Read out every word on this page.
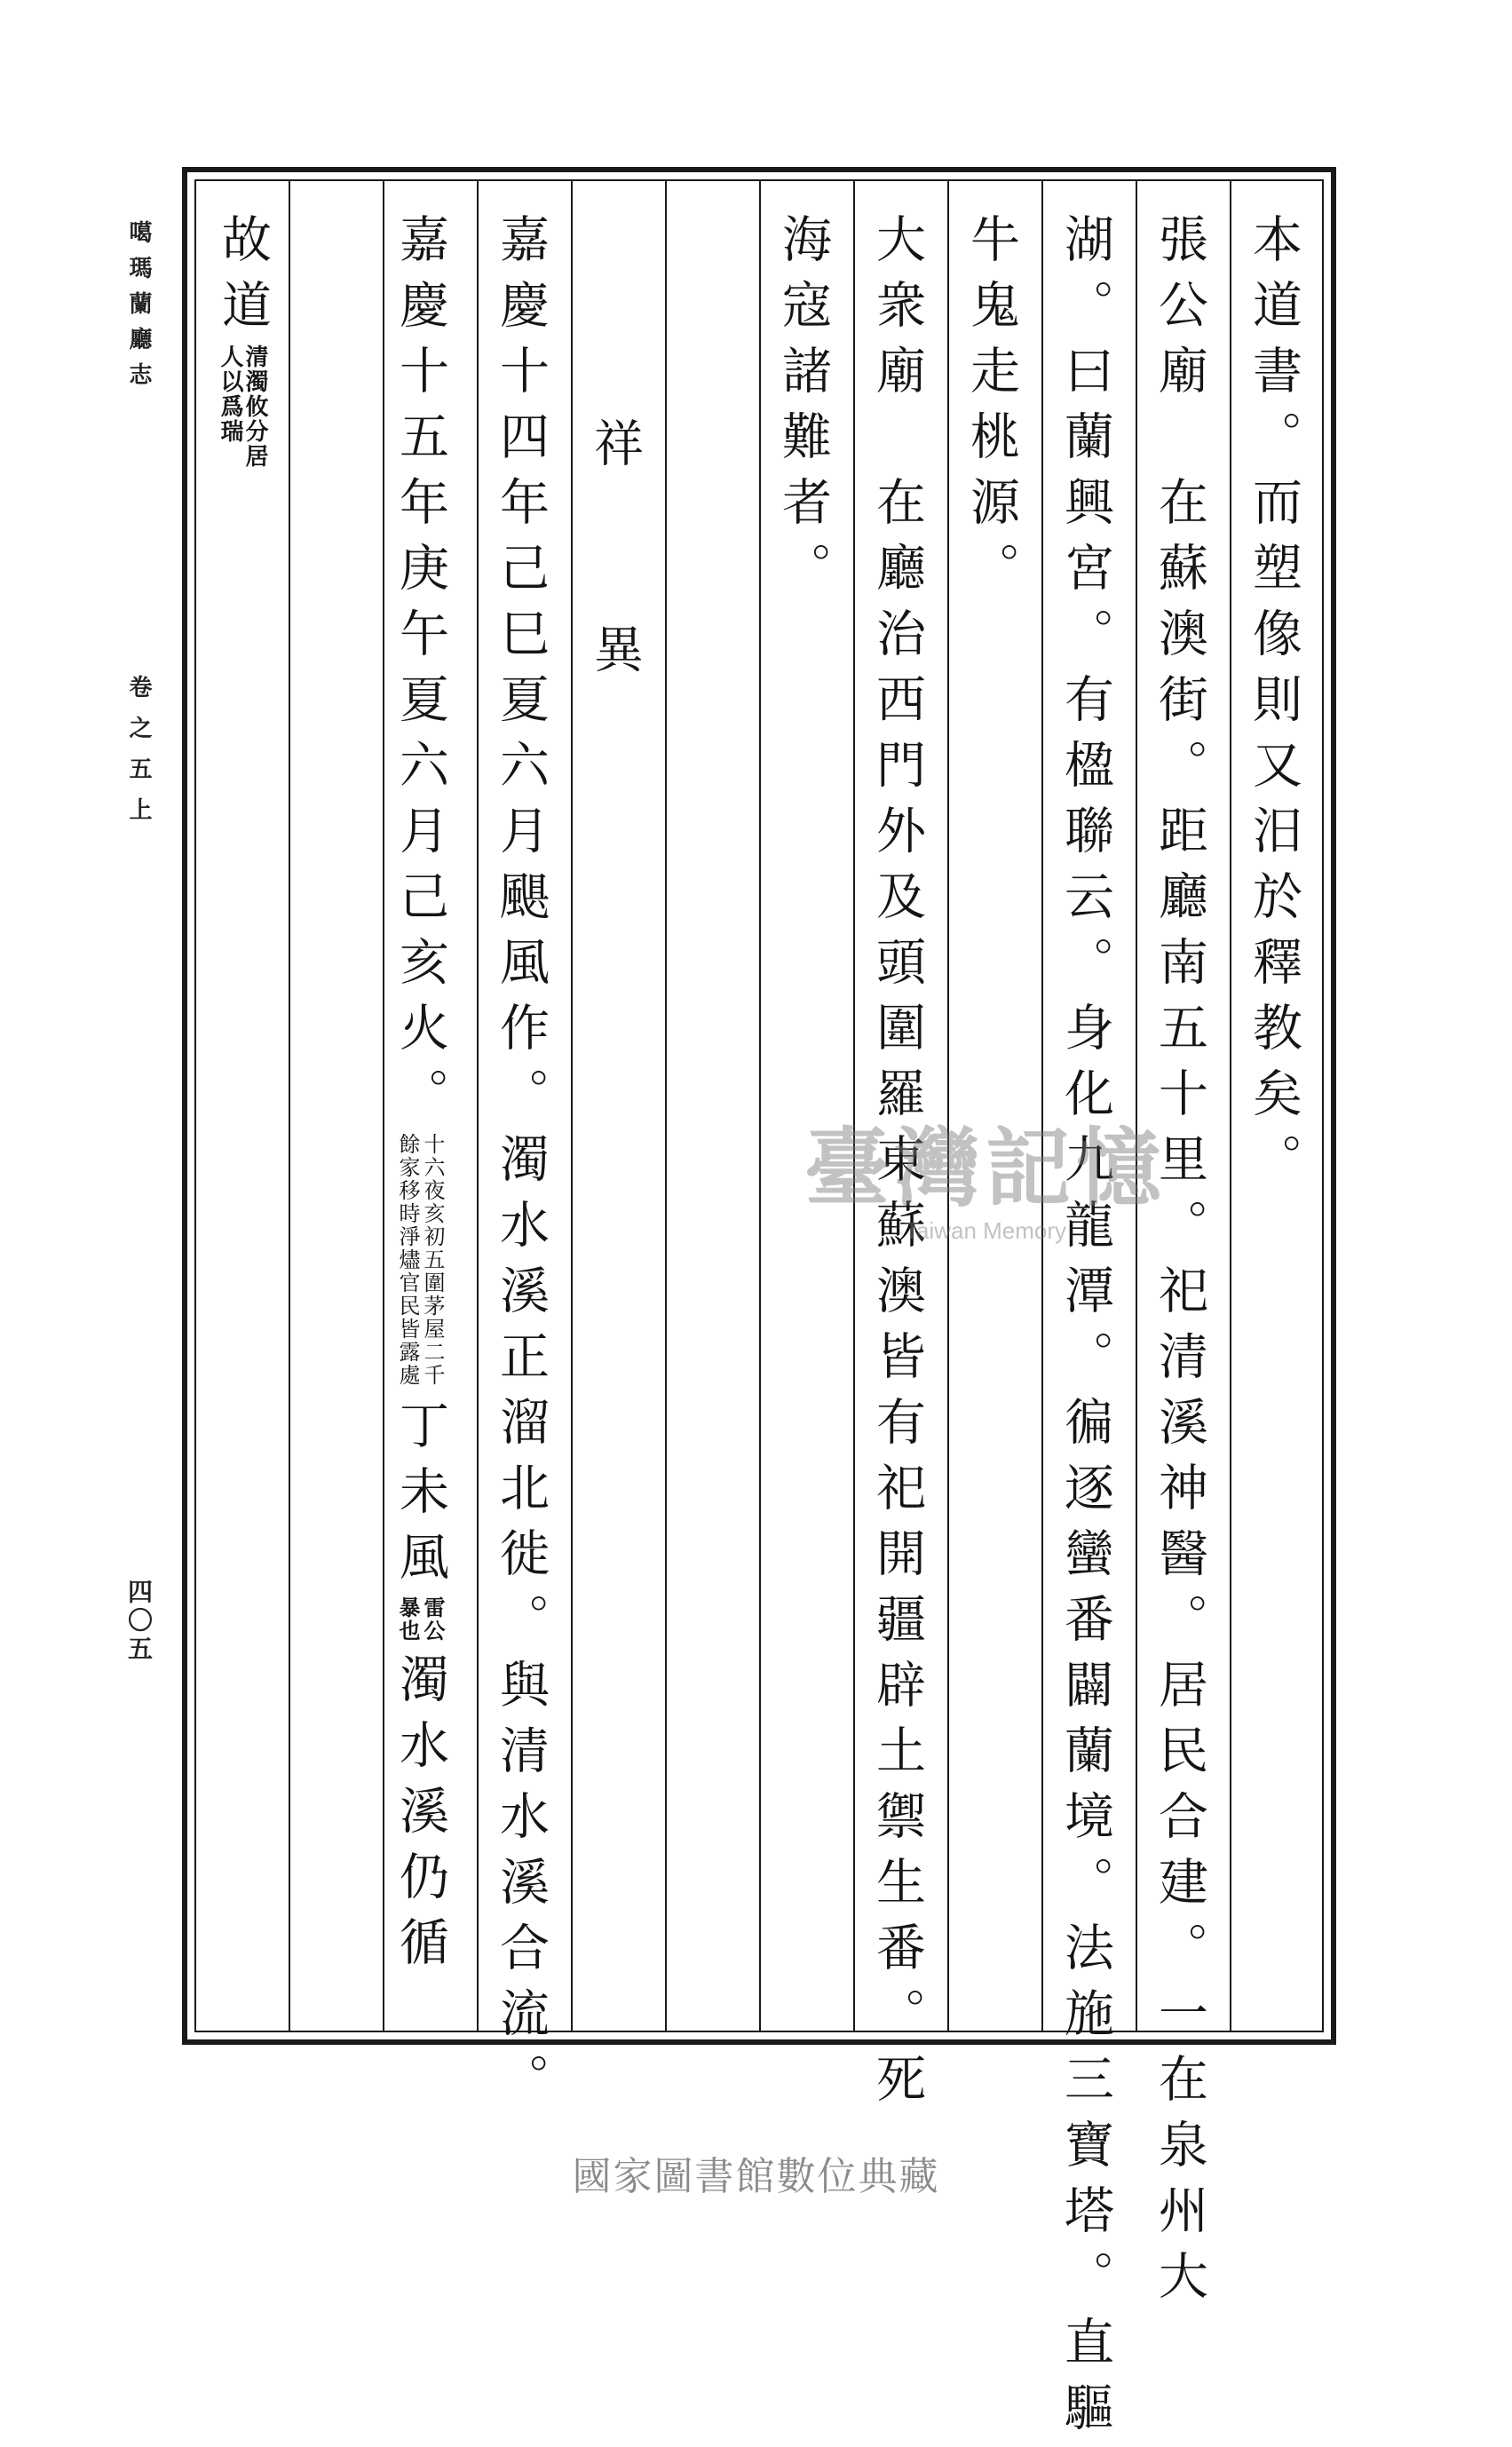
本道書。而塑像則又汨於釋教矣。
張公廟　在蘇澳街。距廳南五十里。祀清溪神醫。居民合建。一在泉州大
湖。曰蘭興宮。有楹聯云。身化九龍潭。徧逐蠻番闢蘭境。法施三寶塔。直驅
牛鬼走桃源。
大衆廟　在廳治西門外及頭圍羅東蘇澳皆有祀開疆辟土禦生番。死
海寇諸難者。
祥　異
嘉慶十四年己巳夏六月颶風作。濁水溪正溜北徙。與清水溪合流。
嘉慶十五年庚午夏六月己亥火。十六夜亥初五圍茅屋二千餘家移時淨燼官民皆露處丁未風雷公暴也濁水溪仍循
故道清濁攸分居人以爲瑞
噶瑪蘭廳志
卷之五上
四〇五
臺灣記憶
Taiwan Memory
國家圖書館數位典藏
